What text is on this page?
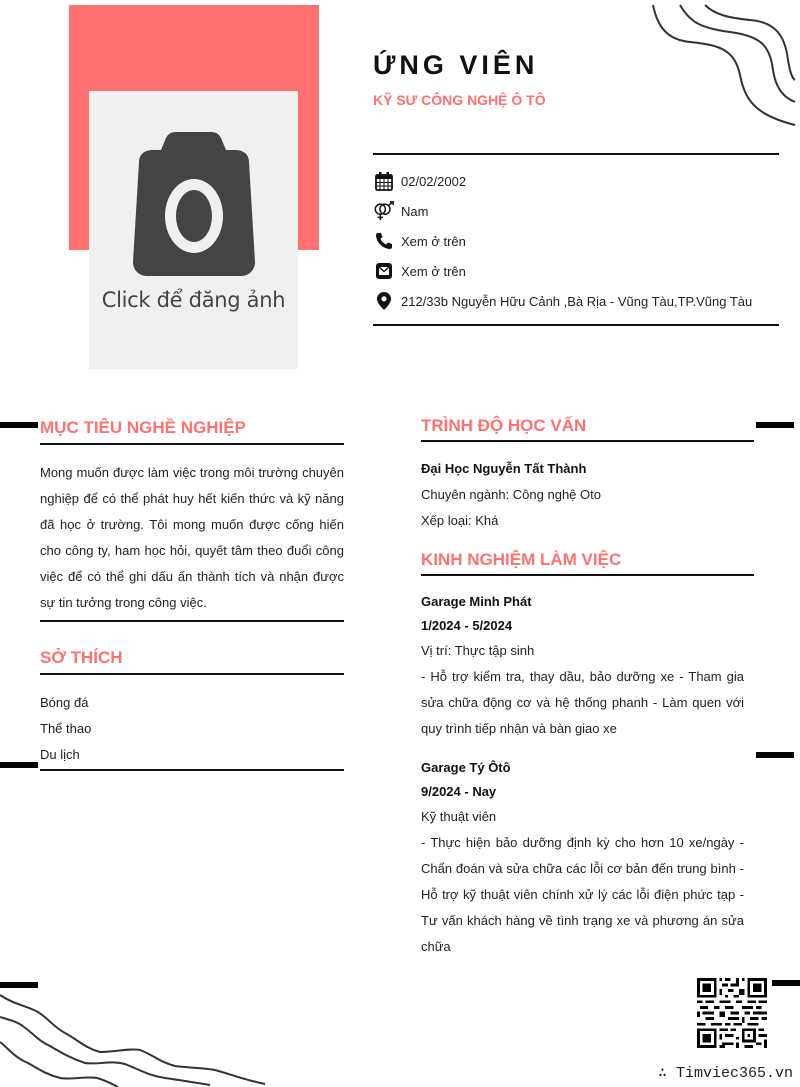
Click để đăng ảnh
ỨNG VIÊN
KỸ SƯ CÔNG NGHỆ Ô TÔ
02/02/2002
Nam
Xem ở trên
Xem ở trên
212/33b Nguyễn Hữu Cảnh ,Bà Rịa - Vũng Tàu,TP.Vũng Tàu
MỤC TIÊU NGHỀ NGHIỆP
Mong muốn được làm việc trong môi trường chuyên nghiệp để có thể phát huy hết kiến thức và kỹ năng đã học ở trường. Tôi mong muốn được cống hiến cho công ty, ham học hỏi, quyết tâm theo đuổi công việc để có thể ghi dấu ấn thành tích và nhận được sự tin tưởng trong công việc.
SỞ THÍCH
Bóng đá
Thể thao
Du lịch
TRÌNH ĐỘ HỌC VẤN
Đại Học Nguyễn Tất Thành
Chuyên ngành: Công nghệ Oto
Xếp loại: Khá
KINH NGHIỆM LÀM VIỆC
Garage Minh Phát
1/2024 - 5/2024
Vị trí: Thực tập sinh
- Hỗ trợ kiểm tra, thay dầu, bảo dưỡng xe - Tham gia sửa chữa động cơ và hệ thống phanh - Làm quen với quy trình tiếp nhận và bàn giao xe
Garage Tý Ôtô
9/2024 - Nay
Kỹ thuật viên
- Thực hiện bảo dưỡng định kỳ cho hơn 10 xe/ngày - Chẩn đoán và sửa chữa các lỗi cơ bản đến trung bình - Hỗ trợ kỹ thuật viên chính xử lý các lỗi điện phức tạp - Tư vấn khách hàng về tình trạng xe và phương án sửa chữa
∴ Timviec365.vn
